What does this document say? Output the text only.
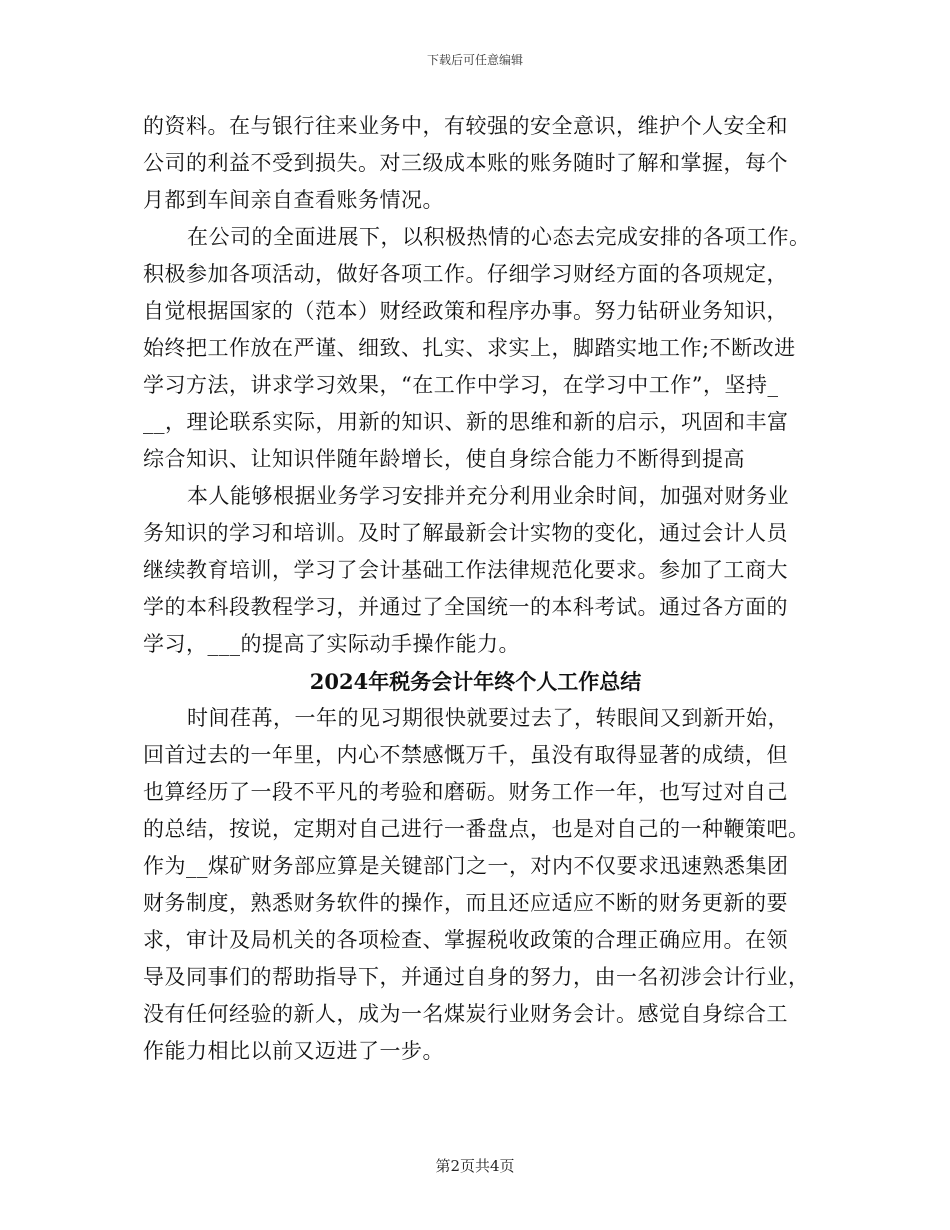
下载后可任意编辑
的资料。在与银行往来业务中，有较强的安全意识，维护个人安全和
公司的利益不受到损失。对三级成本账的账务随时了解和掌握，每个
月都到车间亲自查看账务情况。
在公司的全面进展下，以积极热情的心态去完成安排的各项工作。
积极参加各项活动，做好各项工作。仔细学习财经方面的各项规定，
自觉根据国家的（范本）财经政策和程序办事。努力钻研业务知识，
始终把工作放在严谨、细致、扎实、求实上，脚踏实地工作;不断改进
学习方法，讲求学习效果，“在工作中学习，在学习中工作”，坚持_
__，理论联系实际，用新的知识、新的思维和新的启示，巩固和丰富
综合知识、让知识伴随年龄增长，使自身综合能力不断得到提高
本人能够根据业务学习安排并充分利用业余时间，加强对财务业
务知识的学习和培训。及时了解最新会计实物的变化，通过会计人员
继续教育培训，学习了会计基础工作法律规范化要求。参加了工商大
学的本科段教程学习，并通过了全国统一的本科考试。通过各方面的
学习，___的提高了实际动手操作能力。
2024年税务会计年终个人工作总结
时间荏苒，一年的见习期很快就要过去了，转眼间又到新开始，
回首过去的一年里，内心不禁感慨万千，虽没有取得显著的成绩，但
也算经历了一段不平凡的考验和磨砺。财务工作一年，也写过对自己
的总结，按说，定期对自己进行一番盘点，也是对自己的一种鞭策吧。
作为__煤矿财务部应算是关键部门之一，对内不仅要求迅速熟悉集团
财务制度，熟悉财务软件的操作，而且还应适应不断的财务更新的要
求，审计及局机关的各项检查、掌握税收政策的合理正确应用。在领
导及同事们的帮助指导下，并通过自身的努力，由一名初涉会计行业，
没有任何经验的新人，成为一名煤炭行业财务会计。感觉自身综合工
作能力相比以前又迈进了一步。
第2页共4页
